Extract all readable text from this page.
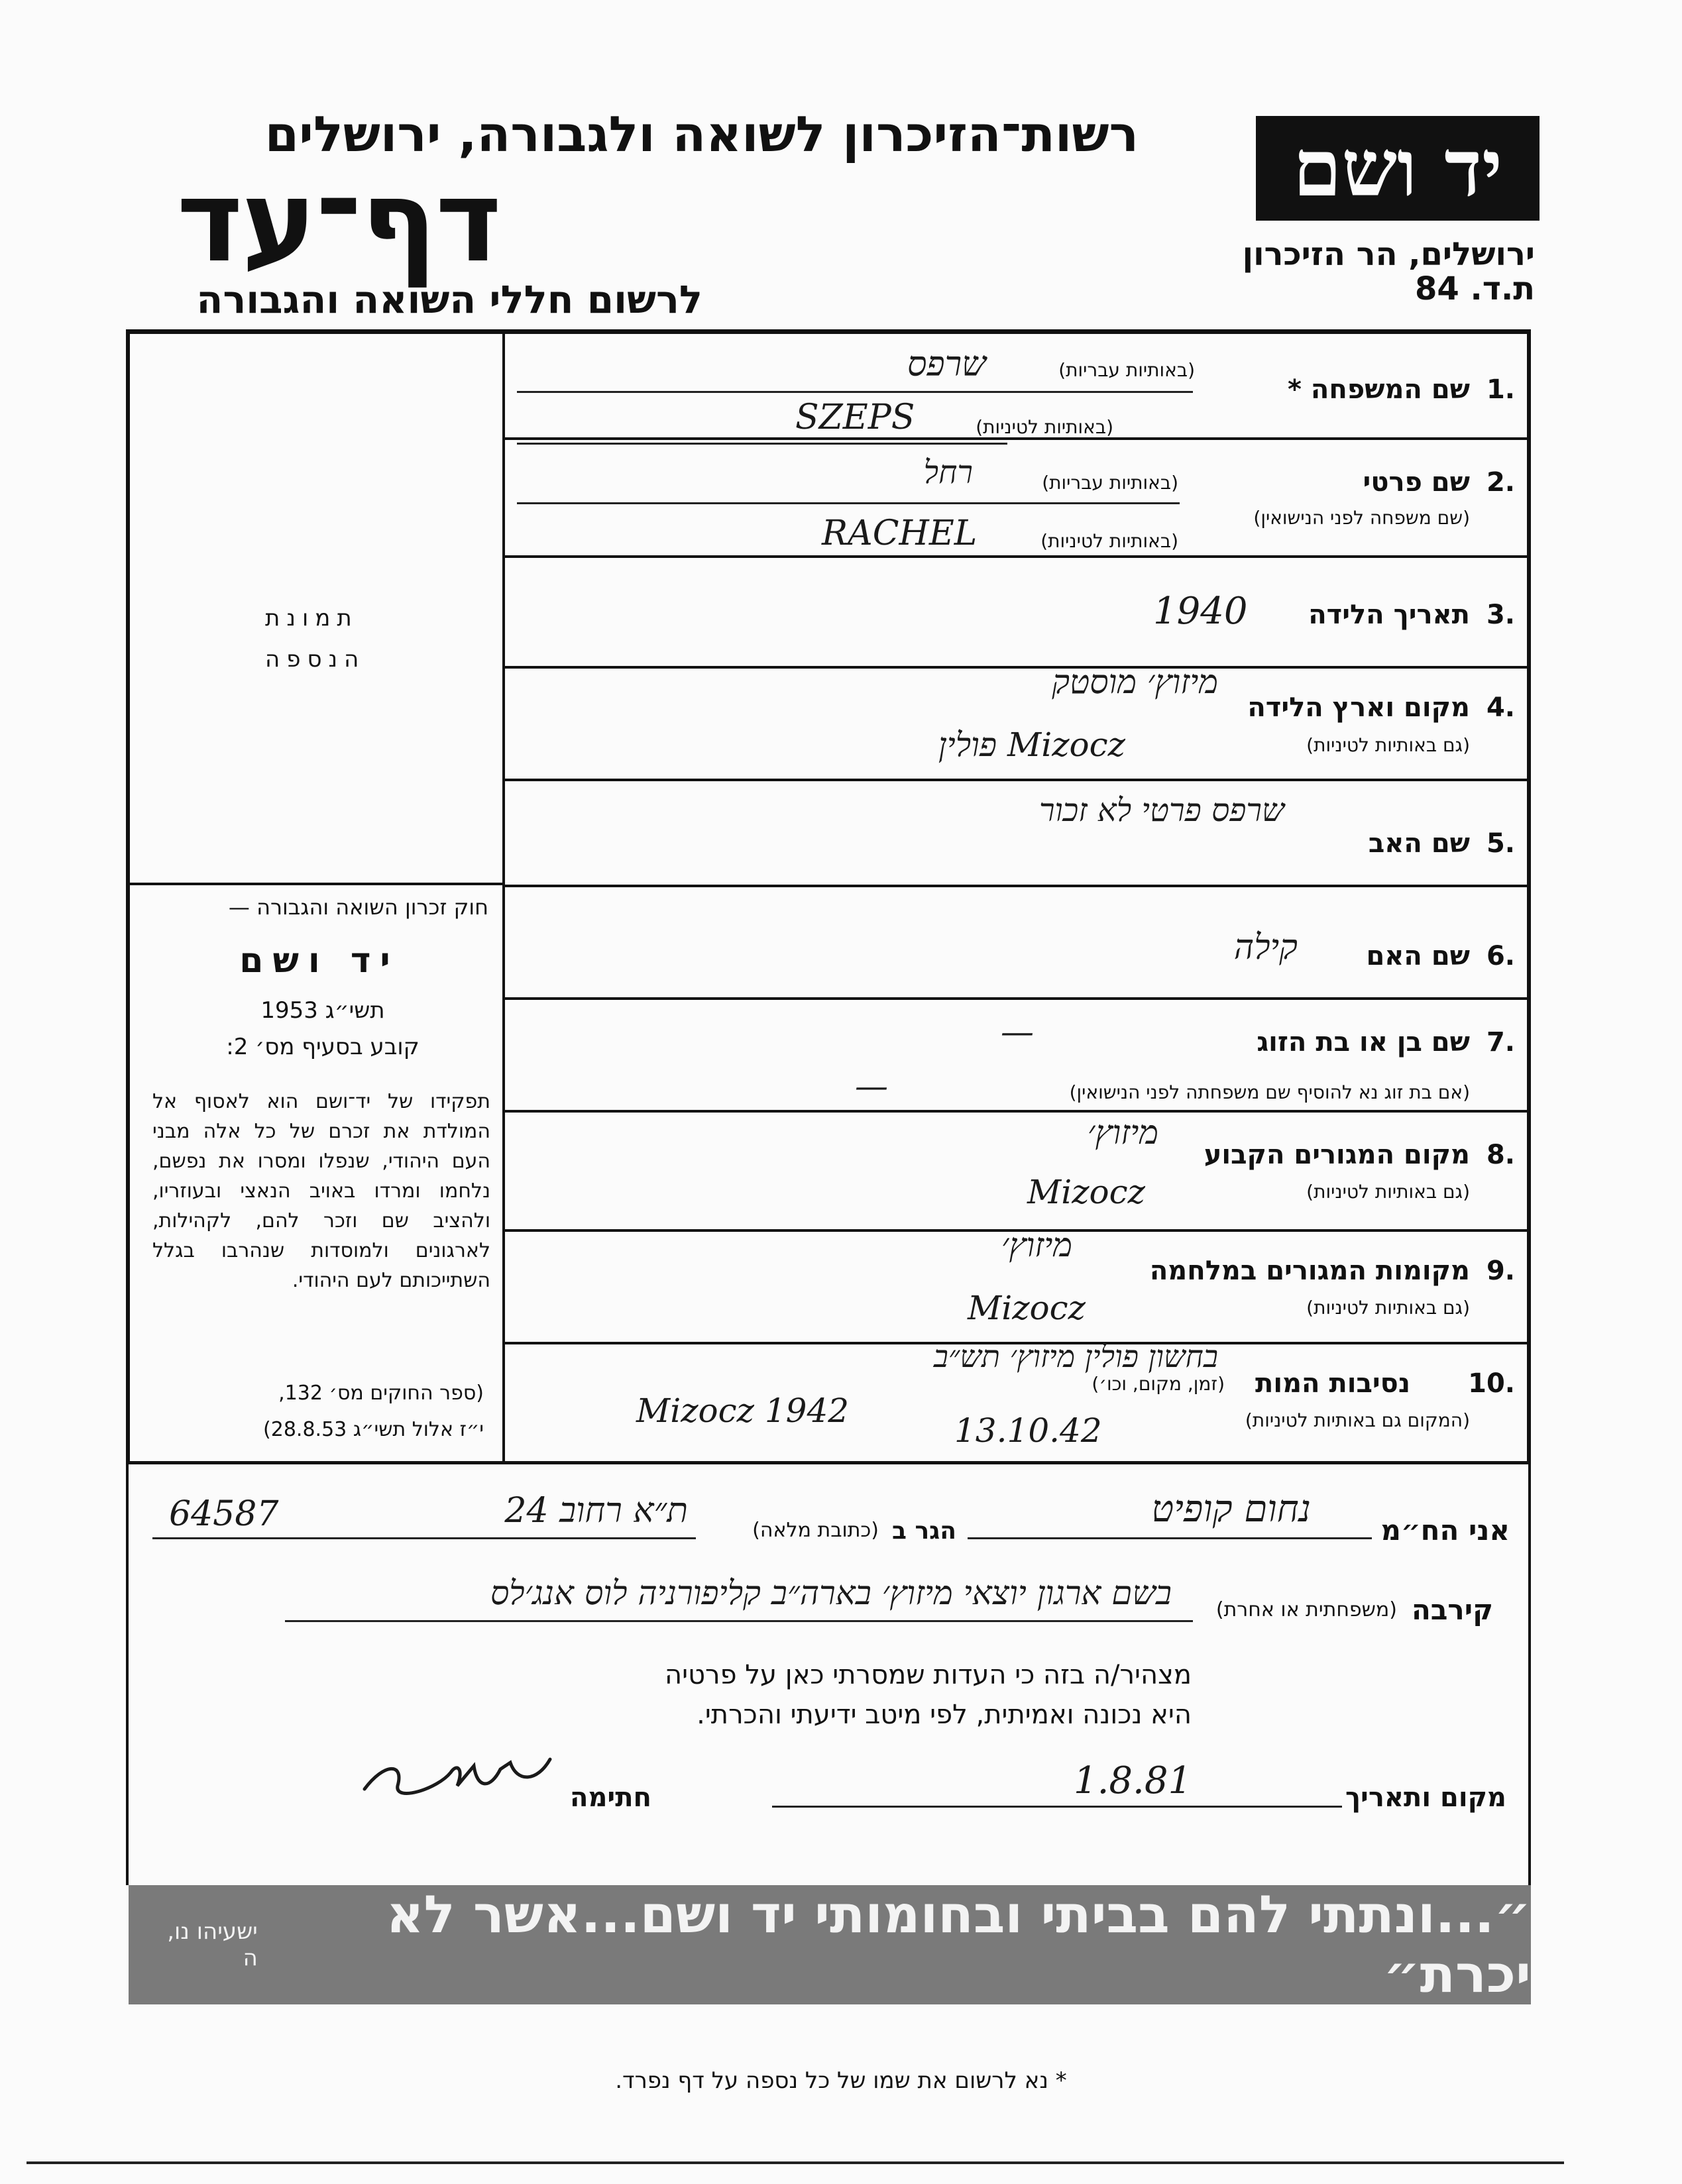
יד ושם
ירושלים, הר הזיכרון
ת.ד. 84
רשות־הזיכרון לשואה ולגבורה, ירושלים
דף־עד
לרשום חללי השואה והגבורה
תמונת
הנספה
חוק זכרון השואה והגבורה —
יד ושם
תשי״ג 1953
קובע בסעיף מס׳ 2:
תפקידו של יד־ושם הוא לאסוף אל המולדת את זכרם של כל אלה מבני העם היהודי, שנפלו ומסרו את נפשם, נלחמו ומרדו באויב הנאצי ובעוזריו, ולהציב שם וזכר להם, לקהילות, לארגונים ולמוסדות שנהרבו בגלל השתייכותם לעם היהודי.
(ספר החוקים מס׳ 132,
י״ז אלול תשי״ג 28.8.53)
1.
שם המשפחה *
(באותיות עבריות)
(באותיות לטיניות)
שרפס
SZEPS
2.
שם פרטי
(שם משפחה לפני הנישואין)
(באותיות עבריות)
(באותיות לטיניות)
רחל
RACHEL
3.
תאריך הלידה
1940
4.
מקום וארץ הלידה
(גם באותיות לטיניות)
מיזוץ׳ מוסטק
Mizocz פולין
5.
שם האב
שרפס פרטי לא זכור
6.
שם האם
קילה
7.
שם בן או בת הזוג
(אם בת זוג נא להוסיף שם משפחתה לפני הנישואין)
—
—
8.
מקום המגורים הקבוע
(גם באותיות לטיניות)
מיזוץ׳
Mizocz
9.
מקומות המגורים במלחמה
(גם באותיות לטיניות)
מיזוץ׳
Mizocz
10.
נסיבות המות
(זמן, מקום, וכו׳)
(המקום גם באותיות לטיניות)
בחשון פולין מיזוץ׳ תש״ב
Mizocz 1942
13.10.42
אני הח״מ
נחום קופיט
הגר ב
(כתובת מלאה)
ת״א רחוב 24
64587
קירבה
(משפחתית או אחרת)
בשם ארגון יוצאי מיזוץ׳ בארה״ב קליפורניה לוס אנג׳לס
מצהיר/ה בזה כי העדות שמסרתי כאן על פרטיה
היא נכונה ואמיתית, לפי מיטב ידיעתי והכרתי.
מקום ותאריך
1.8.81
חתימה
ישעיהו נו, ה
״...ונתתי להם בביתי ובחומותי יד ושם...אשר לא יכרת״
* נא לרשום את שמו של כל נספה על דף נפרד.
